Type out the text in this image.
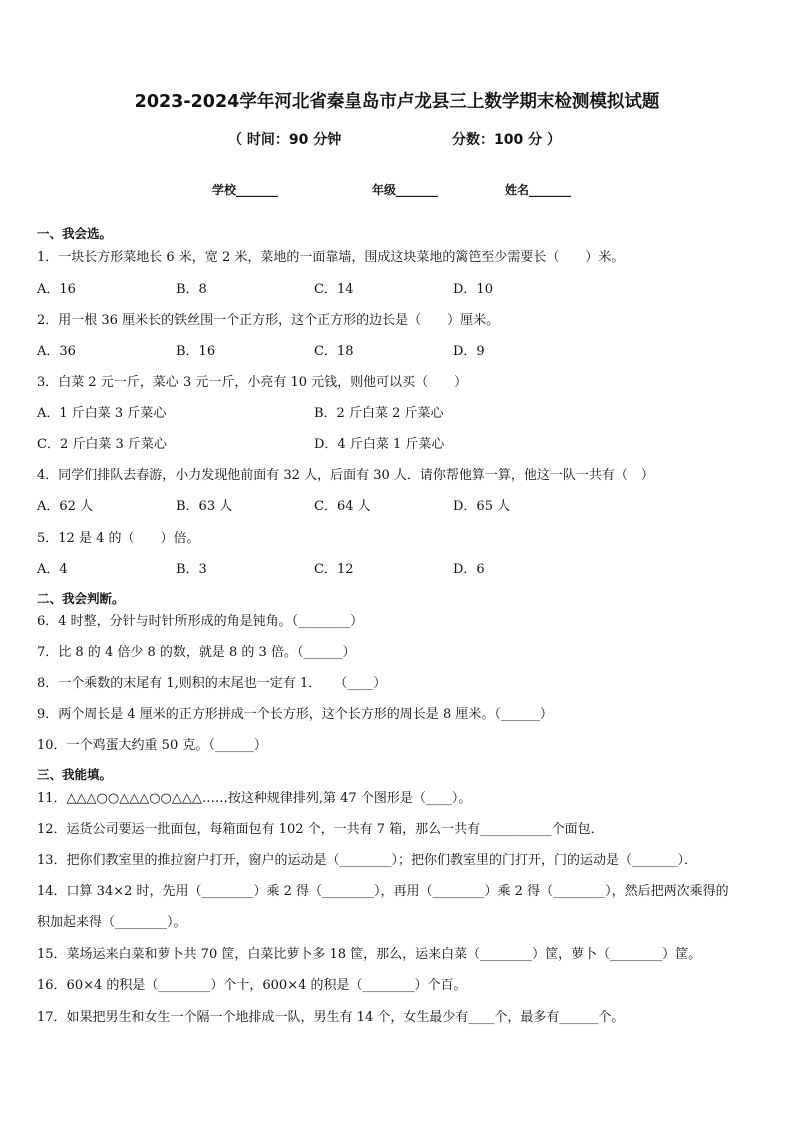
2023-2024学年河北省秦皇岛市卢龙县三上数学期末检测模拟试题
（ 时间：90 分钟	分数：100 分 ）
学校_______	年级_______	姓名_______
一、我会选。
1．一块长方形菜地长 6 米，宽 2 米，菜地的一面靠墙，围成这块菜地的篱笆至少需要长（　　）米。
A．16	B．8	C．14	D．10
2．用一根 36 厘米长的铁丝围一个正方形，这个正方形的边长是（　　）厘米。
A．36	B．16	C．18	D．9
3．白菜 2 元一斤，菜心 3 元一斤，小亮有 10 元钱，则他可以买（　　）
A．1 斤白菜 3 斤菜心	B．2 斤白菜 2 斤菜心
C．2 斤白菜 3 斤菜心	D．4 斤白菜 1 斤菜心
4．同学们排队去春游，小力发现他前面有 32 人，后面有 30 人．请你帮他算一算，他这一队一共有（　）
A．62 人	B．63 人	C．64 人	D．65 人
5．12 是 4 的（　　）倍。
A．4	B．3	C．12	D．6
二、我会判断。
6．4 时整，分针与时针所形成的角是钝角。（________）
7．比 8 的 4 倍少 8 的数，就是 8 的 3 倍。（______）
8．一个乘数的末尾有 1,则积的末尾也一定有 1．　　（____）
9．两个周长是 4 厘米的正方形拼成一个长方形，这个长方形的周长是 8 厘米。（______）
10．一个鸡蛋大约重 50 克。（______）
三、我能填。
11．△△△○○△△△○○△△△……按这种规律排列,第 47 个图形是（____）。
12．运货公司要运一批面包，每箱面包有 102 个，一共有 7 箱，那么一共有___________个面包．
13．把你们教室里的推拉窗户打开，窗户的运动是（________）；把你们教室里的门打开，门的运动是（_______）．
14．口算 34×2 时，先用（________）乘 2 得（________），再用（________）乘 2 得（________），然后把两次乘得的
积加起来得（________）。
15．菜场运来白菜和萝卜共 70 筐，白菜比萝卜多 18 筐，那么，运来白菜（________）筐，萝卜（________）筐。
16．60×4 的积是（________）个十，600×4 的积是（________）个百。
17．如果把男生和女生一个隔一个地排成一队，男生有 14 个，女生最少有____个，最多有______个。
